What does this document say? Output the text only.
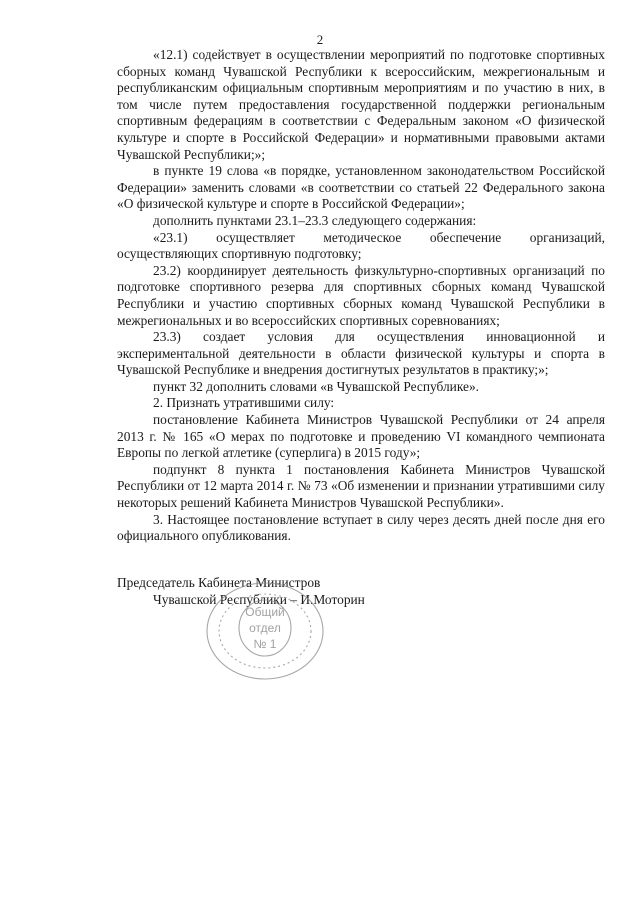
2

«12.1) содействует в осуществлении мероприятий по подготовке спортивных сборных команд Чувашской Республики к всероссийским, межрегиональным и республиканским официальным спортивным мероприятиям и по участию в них, в том числе путем предоставления государственной поддержки региональным спортивным федерациям в соответствии с Федеральным законом «О физической культуре и спорте в Российской Федерации» и нормативными правовыми актами Чувашской Республики;»;

в пункте 19 слова «в порядке, установленном законодательством Российской Федерации» заменить словами «в соответствии со статьей 22 Федерального закона «О физической культуре и спорте в Российской Федерации»;

дополнить пунктами 23.1–23.3 следующего содержания:

«23.1) осуществляет методическое обеспечение организаций, осуществляющих спортивную подготовку;

23.2) координирует деятельность физкультурно-спортивных организаций по подготовке спортивного резерва для спортивных сборных команд Чувашской Республики и участию спортивных сборных команд Чувашской Республики в межрегиональных и во всероссийских спортивных соревнованиях;

23.3) создает условия для осуществления инновационной и экспериментальной деятельности в области физической культуры и спорта в Чувашской Республике и внедрения достигнутых результатов в практику;»;

пункт 32 дополнить словами «в Чувашской Республике».

2. Признать утратившими силу:

постановление Кабинета Министров Чувашской Республики от 24 апреля 2013 г. № 165 «О мерах по подготовке и проведению VI командного чемпионата Европы по легкой атлетике (суперлига) в 2015 году»;

подпункт 8 пункта 1 постановления Кабинета Министров Чувашской Республики от 12 марта 2014 г. № 73 «Об изменении и признании утратившими силу некоторых решений Кабинета Министров Чувашской Республики».

3. Настоящее постановление вступает в силу через десять дней после дня его официального опубликования.

Председатель Кабинета Министров
Чувашской Республики – И.Моторин
Общий
отдел
№ 1
